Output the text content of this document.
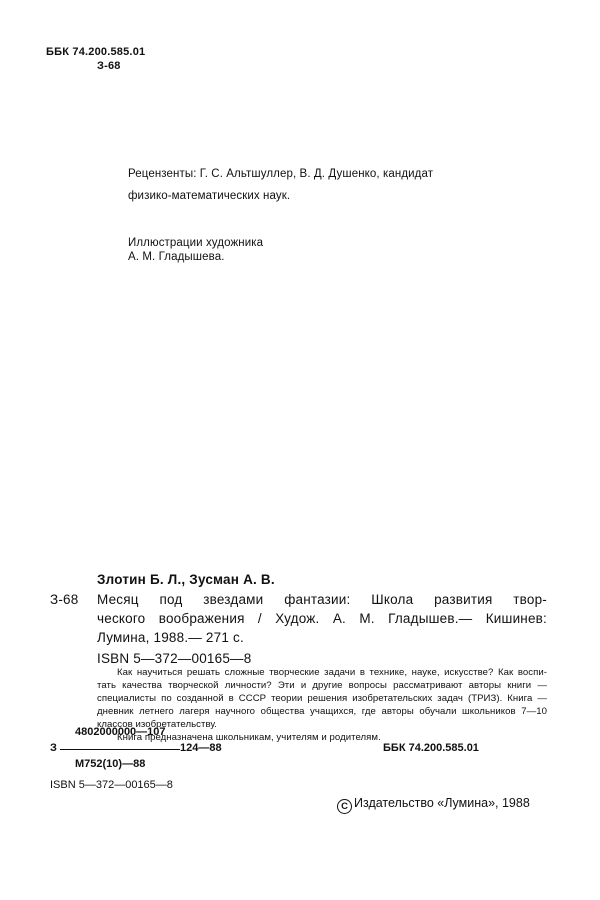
ББК 74.200.585.01
З-68
Рецензенты: Г. С. Альтшуллер, В. Д. Душенко, кандидат
физико-математических наук.
Иллюстрации художника
А. М. Гладышева.
Злотин Б. Л., Зусман А. В.
З-68 Месяц под звездами фантазии: Школа развития твор-
ческого воображения / Худож. А. М. Гладышев.— Кишинев:
Лумина, 1988.— 271 с.
ISBN 5—372—00165—8
Как научиться решать сложные творческие задачи в технике, науке, искусстве? Как воспи-
тать качества творческой личности? Эти и другие вопросы рассматривают авторы книги —
специалисты по созданной в СССР теории решения изобретательских задач (ТРИЗ). Книга —
дневник летнего лагеря научного общества учащихся, где авторы обучали школьников 7—10
классов изобретательству.
Книга предназначена школьникам, учителям и родителям.
4802000000—107
З	124—88	ББК 74.200.585.01
М752(10)—88
ISBN 5—372—00165—8
C Издательство «Лумина», 1988
